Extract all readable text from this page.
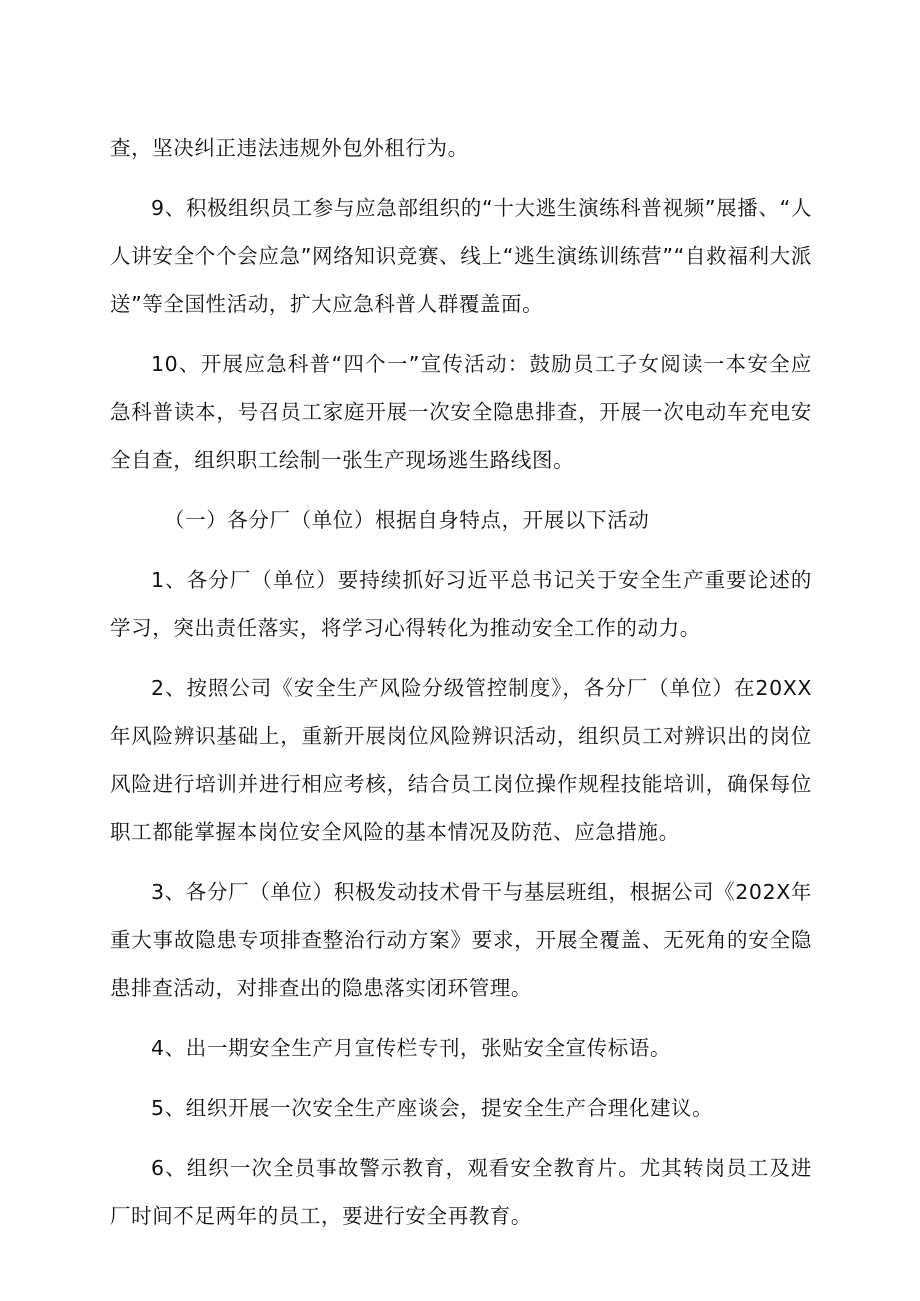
查，坚决纠正违法违规外包外租行为。

9、积极组织员工参与应急部组织的“十大逃生演练科普视频”展播、“人人讲安全个个会应急”网络知识竞赛、线上“逃生演练训练营”“自救福利大派送”等全国性活动，扩大应急科普人群覆盖面。

10、开展应急科普“四个一”宣传活动：鼓励员工子女阅读一本安全应急科普读本，号召员工家庭开展一次安全隐患排查，开展一次电动车充电安全自查，组织职工绘制一张生产现场逃生路线图。

（一）各分厂（单位）根据自身特点，开展以下活动

1、各分厂（单位）要持续抓好习近平总书记关于安全生产重要论述的学习，突出责任落实，将学习心得转化为推动安全工作的动力。

2、按照公司《安全生产风险分级管控制度》，各分厂（单位）在20XX年风险辨识基础上，重新开展岗位风险辨识活动，组织员工对辨识出的岗位风险进行培训并进行相应考核，结合员工岗位操作规程技能培训，确保每位职工都能掌握本岗位安全风险的基本情况及防范、应急措施。

3、各分厂（单位）积极发动技术骨干与基层班组，根据公司《202X年重大事故隐患专项排查整治行动方案》要求，开展全覆盖、无死角的安全隐患排查活动，对排查出的隐患落实闭环管理。

4、出一期安全生产月宣传栏专刊，张贴安全宣传标语。

5、组织开展一次安全生产座谈会，提安全生产合理化建议。

6、组织一次全员事故警示教育，观看安全教育片。尤其转岗员工及进厂时间不足两年的员工，要进行安全再教育。
